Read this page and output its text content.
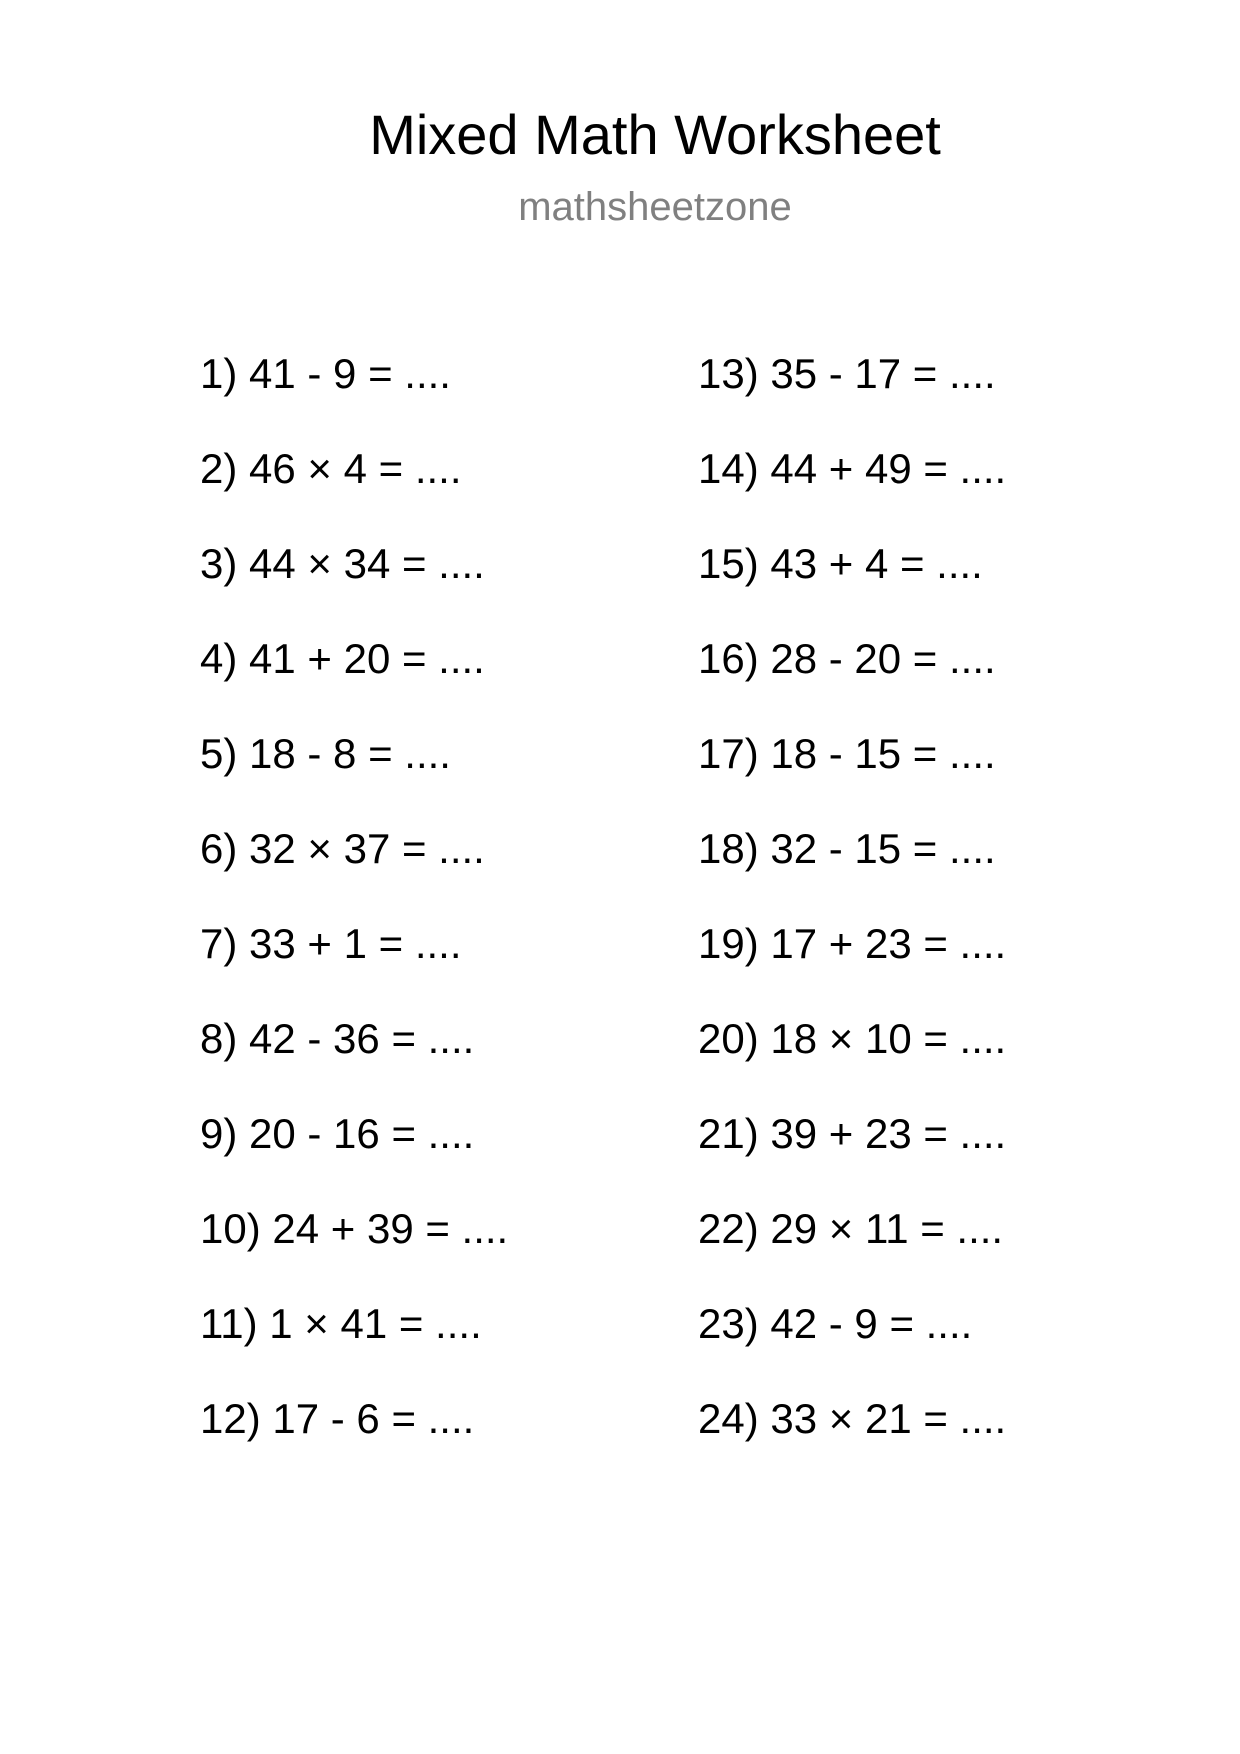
Mixed Math Worksheet
mathsheetzone
1) 41 - 9 = ....
2) 46 × 4 = ....
3) 44 × 34 = ....
4) 41 + 20 = ....
5) 18 - 8 = ....
6) 32 × 37 = ....
7) 33 + 1 = ....
8) 42 - 36 = ....
9) 20 - 16 = ....
10) 24 + 39 = ....
11) 1 × 41 = ....
12) 17 - 6 = ....
13) 35 - 17 = ....
14) 44 + 49 = ....
15) 43 + 4 = ....
16) 28 - 20 = ....
17) 18 - 15 = ....
18) 32 - 15 = ....
19) 17 + 23 = ....
20) 18 × 10 = ....
21) 39 + 23 = ....
22) 29 × 11 = ....
23) 42 - 9 = ....
24) 33 × 21 = ....
